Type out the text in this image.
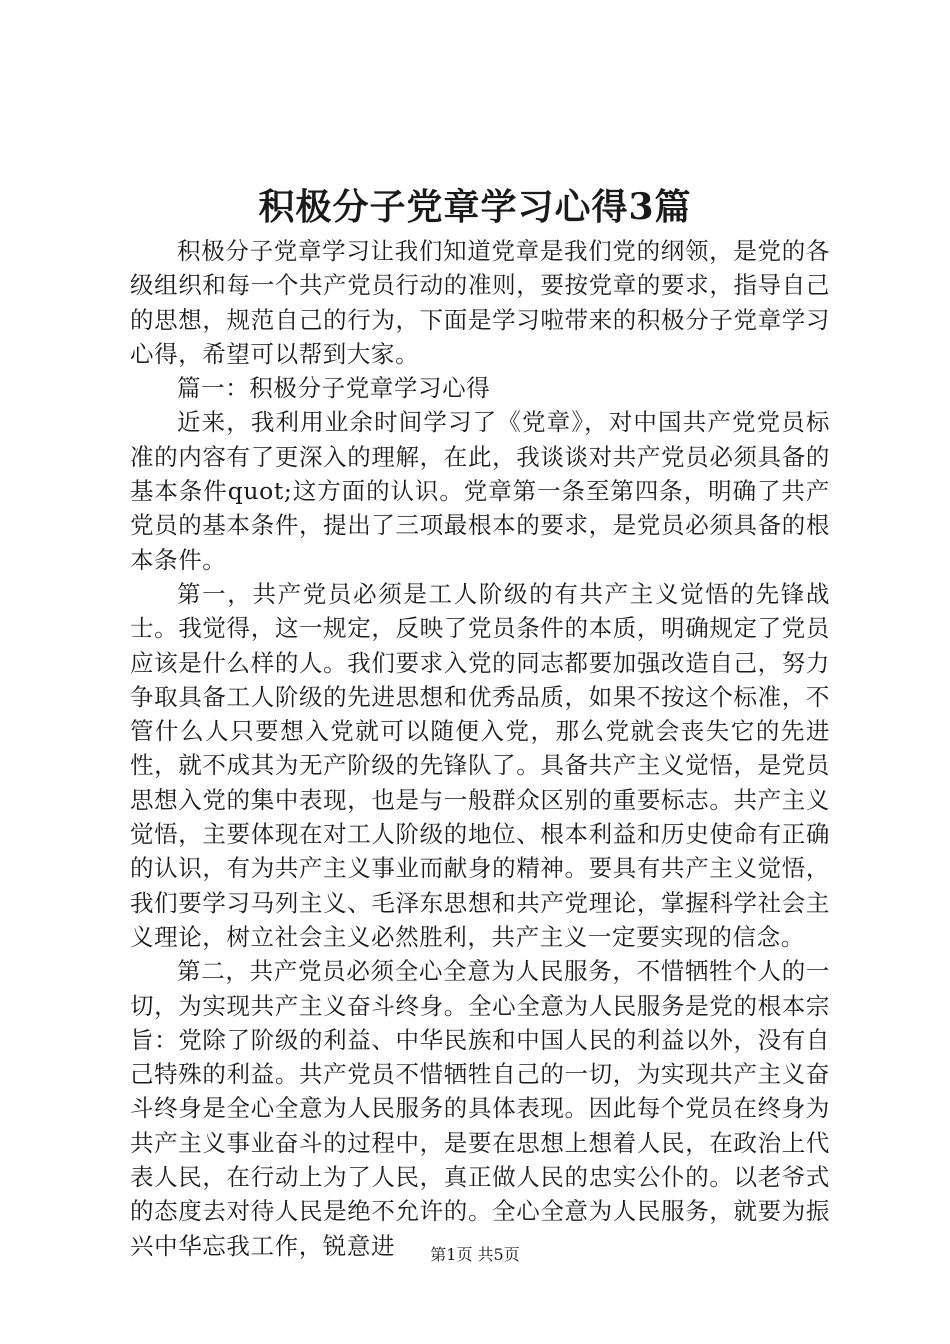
积极分子党章学习心得3篇

积极分子党章学习让我们知道党章是我们党的纲领，是党的各级组织和每一个共产党员行动的准则，要按党章的要求，指导自己的思想，规范自己的行为，下面是学习啦带来的积极分子党章学习心得，希望可以帮到大家。

篇一：积极分子党章学习心得

近来，我利用业余时间学习了《党章》，对中国共产党党员标准的内容有了更深入的理解，在此，我谈谈对共产党员必须具备的基本条件quot;这方面的认识。党章第一条至第四条，明确了共产党员的基本条件，提出了三项最根本的要求，是党员必须具备的根本条件。

第一，共产党员必须是工人阶级的有共产主义觉悟的先锋战士。我觉得，这一规定，反映了党员条件的本质，明确规定了党员应该是什么样的人。我们要求入党的同志都要加强改造自己，努力争取具备工人阶级的先进思想和优秀品质，如果不按这个标准，不管什么人只要想入党就可以随便入党，那么党就会丧失它的先进性，就不成其为无产阶级的先锋队了。具备共产主义觉悟，是党员思想入党的集中表现，也是与一般群众区别的重要标志。共产主义觉悟，主要体现在对工人阶级的地位、根本利益和历史使命有正确的认识，有为共产主义事业而献身的精神。要具有共产主义觉悟，我们要学习马列主义、毛泽东思想和共产党理论，掌握科学社会主义理论，树立社会主义必然胜利，共产主义一定要实现的信念。

第二，共产党员必须全心全意为人民服务，不惜牺牲个人的一切，为实现共产主义奋斗终身。全心全意为人民服务是党的根本宗旨：党除了阶级的利益、中华民族和中国人民的利益以外，没有自己特殊的利益。共产党员不惜牺牲自己的一切，为实现共产主义奋斗终身是全心全意为人民服务的具体表现。因此每个党员在终身为共产主义事业奋斗的过程中，是要在思想上想着人民，在政治上代表人民，在行动上为了人民，真正做人民的忠实公仆的。以老爷式的态度去对待人民是绝不允许的。全心全意为人民服务，就要为振兴中华忘我工作，锐意进	第1页 共5页
